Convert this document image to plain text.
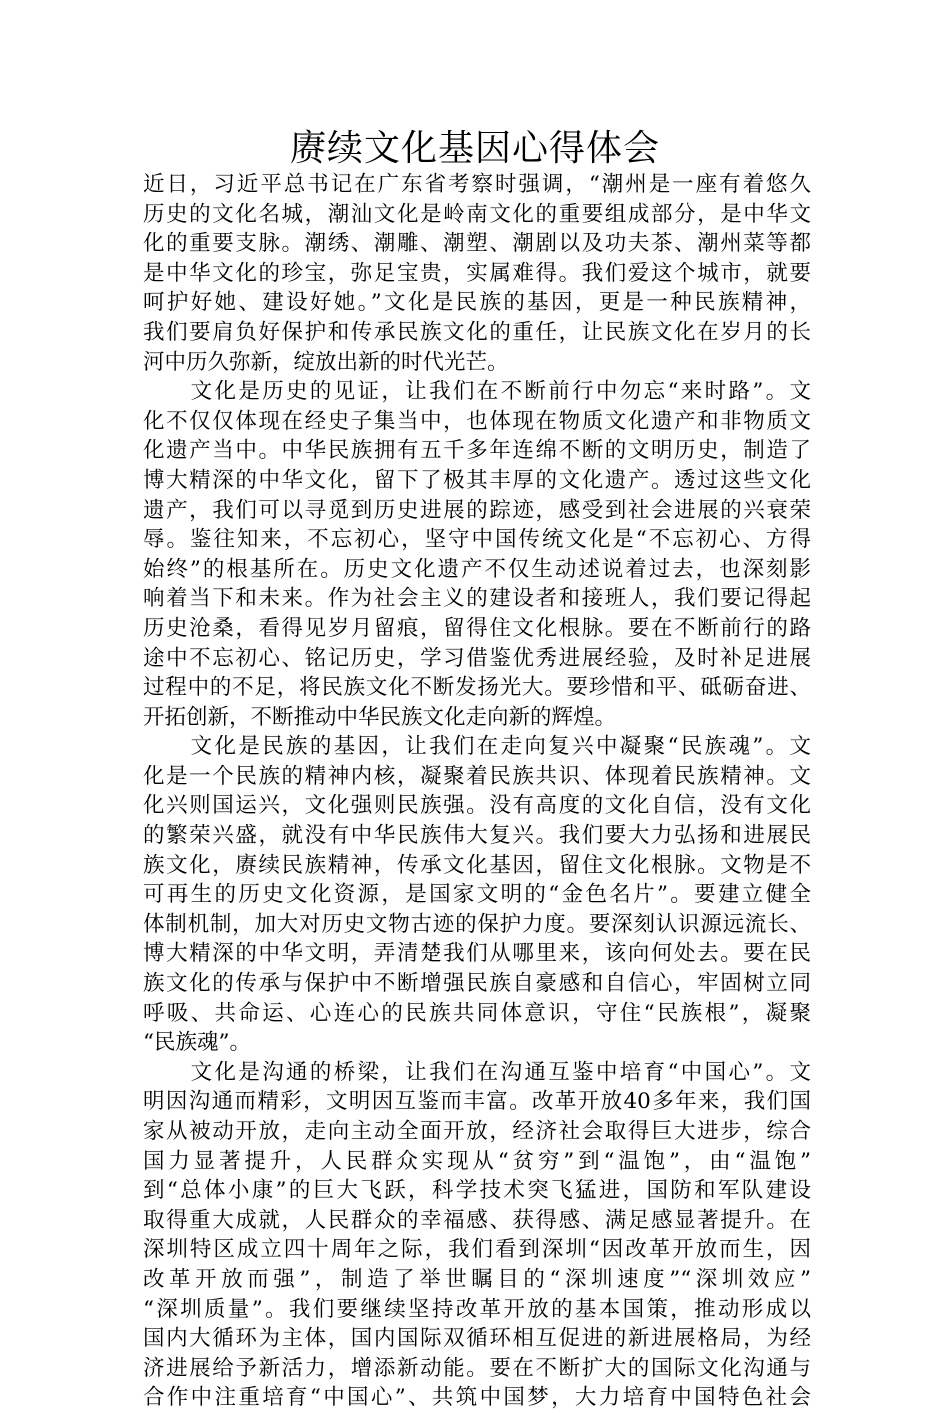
赓续文化基因心得体会
近日，习近平总书记在广东省考察时强调，“潮州是一座有着悠久
历史的文化名城，潮汕文化是岭南文化的重要组成部分，是中华文
化的重要支脉。潮绣、潮雕、潮塑、潮剧以及功夫茶、潮州菜等都
是中华文化的珍宝，弥足宝贵，实属难得。我们爱这个城市，就要
呵护好她、建设好她。”文化是民族的基因，更是一种民族精神，
我们要肩负好保护和传承民族文化的重任，让民族文化在岁月的长
河中历久弥新，绽放出新的时代光芒。
　　文化是历史的见证，让我们在不断前行中勿忘“来时路”。文
化不仅仅体现在经史子集当中，也体现在物质文化遗产和非物质文
化遗产当中。中华民族拥有五千多年连绵不断的文明历史，制造了
博大精深的中华文化，留下了极其丰厚的文化遗产。透过这些文化
遗产，我们可以寻觅到历史进展的踪迹，感受到社会进展的兴衰荣
辱。鉴往知来，不忘初心，坚守中国传统文化是“不忘初心、方得
始终”的根基所在。历史文化遗产不仅生动述说着过去，也深刻影
响着当下和未来。作为社会主义的建设者和接班人，我们要记得起
历史沧桑，看得见岁月留痕，留得住文化根脉。要在不断前行的路
途中不忘初心、铭记历史，学习借鉴优秀进展经验，及时补足进展
过程中的不足，将民族文化不断发扬光大。要珍惜和平、砥砺奋进、
开拓创新，不断推动中华民族文化走向新的辉煌。
　　文化是民族的基因，让我们在走向复兴中凝聚“民族魂”。文
化是一个民族的精神内核，凝聚着民族共识、体现着民族精神。文
化兴则国运兴，文化强则民族强。没有高度的文化自信，没有文化
的繁荣兴盛，就没有中华民族伟大复兴。我们要大力弘扬和进展民
族文化，赓续民族精神，传承文化基因，留住文化根脉。文物是不
可再生的历史文化资源，是国家文明的“金色名片”。要建立健全
体制机制，加大对历史文物古迹的保护力度。要深刻认识源远流长、
博大精深的中华文明，弄清楚我们从哪里来，该向何处去。要在民
族文化的传承与保护中不断增强民族自豪感和自信心，牢固树立同
呼吸、共命运、心连心的民族共同体意识，守住“民族根”，凝聚
“民族魂”。
　　文化是沟通的桥梁，让我们在沟通互鉴中培育“中国心”。文
明因沟通而精彩，文明因互鉴而丰富。改革开放40多年来，我们国
家从被动开放，走向主动全面开放，经济社会取得巨大进步，综合
国力显著提升，人民群众实现从“贫穷”到“温饱”，由“温饱”
到“总体小康”的巨大飞跃，科学技术突飞猛进，国防和军队建设
取得重大成就，人民群众的幸福感、获得感、满足感显著提升。在
深圳特区成立四十周年之际，我们看到深圳“因改革开放而生，因
改革开放而强”，制造了举世瞩目的“深圳速度”“深圳效应”
“深圳质量”。我们要继续坚持改革开放的基本国策，推动形成以
国内大循环为主体，国内国际双循环相互促进的新进展格局，为经
济进展给予新活力，增添新动能。要在不断扩大的国际文化沟通与
合作中注重培育“中国心”、共筑中国梦，大力培育中国特色社会
